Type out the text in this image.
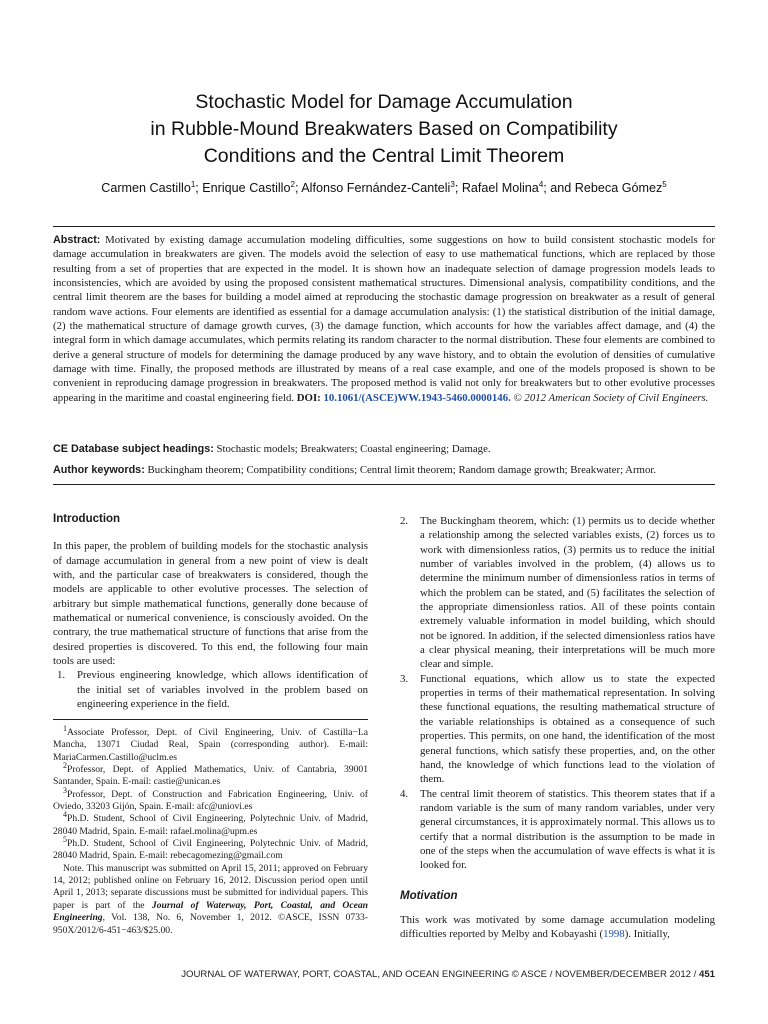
Stochastic Model for Damage Accumulation
in Rubble-Mound Breakwaters Based on Compatibility
Conditions and the Central Limit Theorem
Carmen Castillo$^1$; Enrique Castillo$^2$; Alfonso Fernández-Canteli$^3$; Rafael Molina$^4$; and Rebeca Gómez$^5$
Abstract: Motivated by existing damage accumulation modeling difficulties, some suggestions on how to build consistent stochastic models for damage accumulation in breakwaters are given. The models avoid the selection of easy to use mathematical functions, which are replaced by those resulting from a set of properties that are expected in the model. It is shown how an inadequate selection of damage progression models leads to inconsistencies, which are avoided by using the proposed consistent mathematical structures. Dimensional analysis, compatibility conditions, and the central limit theorem are the bases for building a model aimed at reproducing the stochastic damage progression on breakwater as a result of general random wave actions. Four elements are identified as essential for a damage accumulation analysis: (1) the statistical distribution of the initial damage, (2) the mathematical structure of damage growth curves, (3) the damage function, which accounts for how the variables affect damage, and (4) the integral form in which damage accumulates, which permits relating its random character to the normal distribution. These four elements are combined to derive a general structure of models for determining the damage produced by any wave history, and to obtain the evolution of densities of cumulative damage with time. Finally, the proposed methods are illustrated by means of a real case example, and one of the models proposed is shown to be convenient in reproducing damage progression in breakwaters. The proposed method is valid not only for breakwaters but to other evolutive processes appearing in the maritime and coastal engineering field. DOI: 10.1061/(ASCE)WW.1943-5460.0000146. © 2012 American Society of Civil Engineers.
CE Database subject headings: Stochastic models; Breakwaters; Coastal engineering; Damage.
Author keywords: Buckingham theorem; Compatibility conditions; Central limit theorem; Random damage growth; Breakwater; Armor.
Introduction
In this paper, the problem of building models for the stochastic analysis of damage accumulation in general from a new point of view is dealt with, and the particular case of breakwaters is considered, though the models are applicable to other evolutive processes. The selection of arbitrary but simple mathematical functions, generally done because of mathematical or numerical convenience, is consciously avoided. On the contrary, the true mathematical structure of functions that arise from the desired properties is discovered. To this end, the following four main tools are used:
1. Previous engineering knowledge, which allows identification of the initial set of variables involved in the problem based on engineering experience in the field.

$^1$Associate Professor, Dept. of Civil Engineering, Univ. of Castilla−La Mancha, 13071 Ciudad Real, Spain (corresponding author). E-mail: MariaCarmen.Castillo@uclm.es

$^2$Professor, Dept. of Applied Mathematics, Univ. of Cantabria, 39001 Santander, Spain. E-mail: castie@unican.es

$^3$Professor, Dept. of Construction and Fabrication Engineering, Univ. of Oviedo, 33203 Gijón, Spain. E-mail: afc@uniovi.es

$^4$Ph.D. Student, School of Civil Engineering, Polytechnic Univ. of Madrid, 28040 Madrid, Spain. E-mail: rafael.molina@upm.es

$^5$Ph.D. Student, School of Civil Engineering, Polytechnic Univ. of Madrid, 28040 Madrid, Spain. E-mail: rebecagomezing@gmail.com

Note. This manuscript was submitted on April 15, 2011; approved on February 14, 2012; published online on February 16, 2012. Discussion period open until April 1, 2013; separate discussions must be submitted for individual papers. This paper is part of the Journal of Waterway, Port, Coastal, and Ocean Engineering, Vol. 138, No. 6, November 1, 2012. ©ASCE, ISSN 0733-950X/2012/6-451−463/$25.00.

2. The Buckingham theorem, which: (1) permits us to decide whether a relationship among the selected variables exists, (2) forces us to work with dimensionless ratios, (3) permits us to reduce the initial number of variables involved in the problem, (4) allows us to determine the minimum number of dimensionless ratios in terms of which the problem can be stated, and (5) facilitates the selection of the appropriate dimensionless ratios. All of these points contain extremely valuable information in model building, which should not be ignored. In addition, if the selected dimensionless ratios have a clear physical meaning, their interpretations will be much more clear and simple.
3. Functional equations, which allow us to state the expected properties in terms of their mathematical representation. In solving these functional equations, the resulting mathematical structure of the variable relationships is obtained as a consequence of such properties. This permits, on one hand, the identification of the most general functions, which satisfy these properties, and, on the other hand, the knowledge of which functions lead to the violation of them.
4. The central limit theorem of statistics. This theorem states that if a random variable is the sum of many random variables, under very general circumstances, it is approximately normal. This allows us to certify that a normal distribution is the assumption to be made in one of the steps when the accumulation of wave effects is what it is looked for.
Motivation
This work was motivated by some damage accumulation modeling difficulties reported by Melby and Kobayashi (1998). Initially,
JOURNAL OF WATERWAY, PORT, COASTAL, AND OCEAN ENGINEERING © ASCE / NOVEMBER/DECEMBER 2012 / 451
